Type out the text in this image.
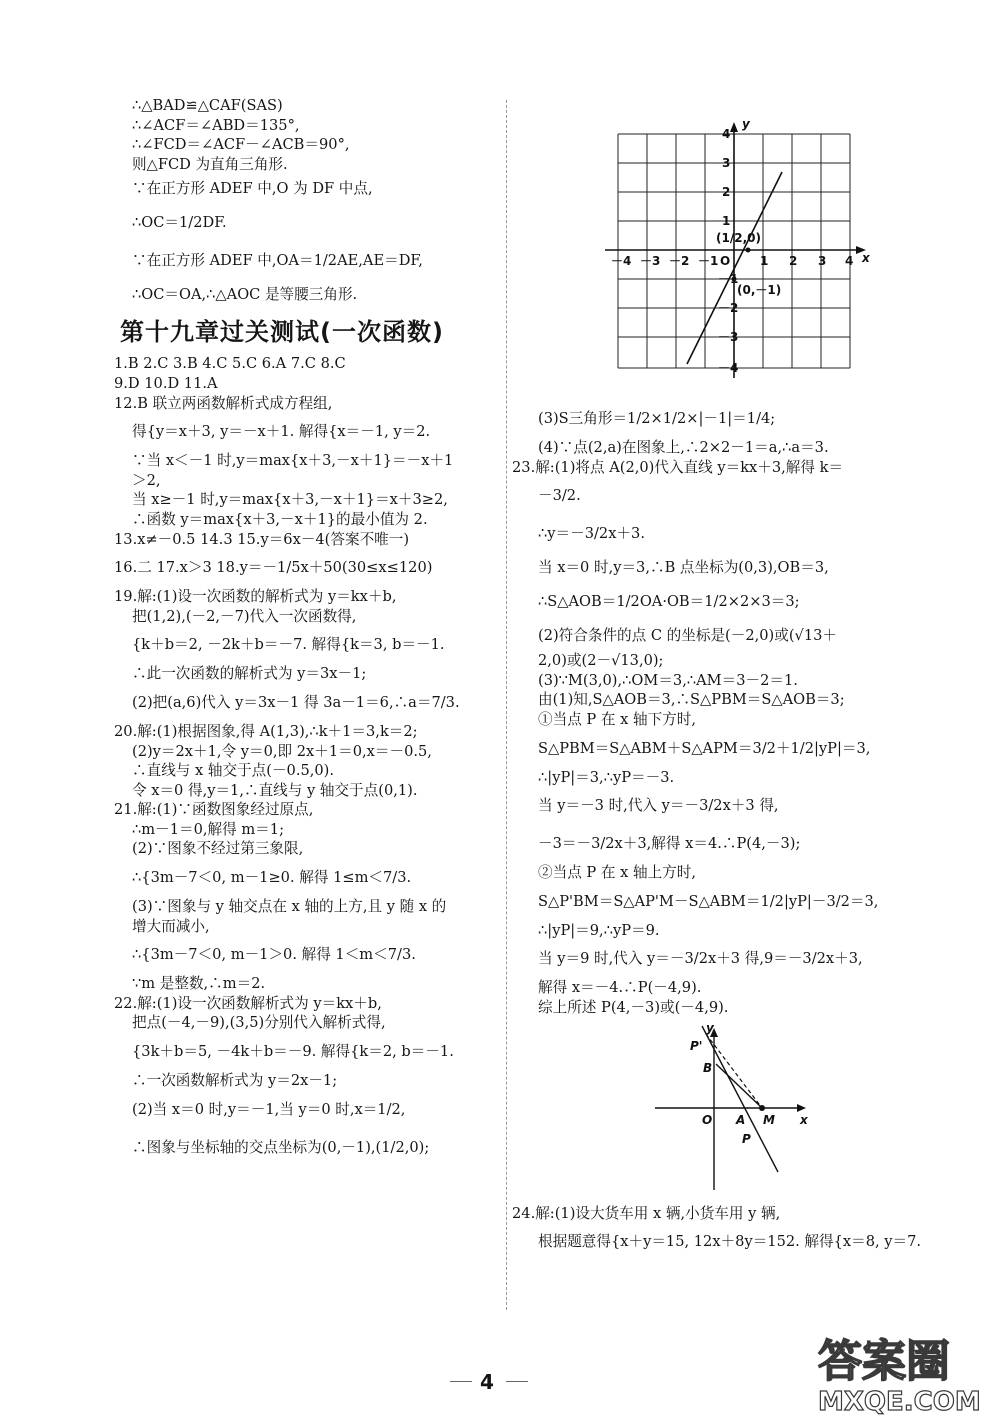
∴△BAD≌△CAF(SAS)
∴∠ACF＝∠ABD＝135°,
∴∠FCD＝∠ACF－∠ACB＝90°,
则△FCD 为直角三角形.
∵在正方形 ADEF 中,O 为 DF 中点,
∴OC＝1/2DF.
∵在正方形 ADEF 中,OA＝1/2AE,AE＝DF,
∴OC＝OA,∴△AOC 是等腰三角形.
第十九章过关测试(一次函数)
1.B 2.C 3.B 4.C 5.C 6.A 7.C 8.C
9.D 10.D 11.A
12.B 联立两函数解析式成方程组,
得{y＝x＋3, y＝－x＋1. 解得{x＝－1, y＝2.
∵当 x＜－1 时,y＝max{x＋3,－x＋1}＝－x＋1
＞2,
当 x≥－1 时,y＝max{x＋3,－x＋1}＝x＋3≥2,
∴函数 y＝max{x＋3,－x＋1}的最小值为 2.
13.x≠－0.5 14.3 15.y＝6x－4(答案不唯一)
16.二 17.x＞3 18.y＝－1/5x＋50(30≤x≤120)
19.解:(1)设一次函数的解析式为 y＝kx＋b,
把(1,2),(－2,－7)代入一次函数得,
{k＋b＝2, －2k＋b＝－7. 解得{k＝3, b＝－1.
∴此一次函数的解析式为 y＝3x－1;
(2)把(a,6)代入 y＝3x－1 得 3a－1＝6,∴a＝7/3.
20.解:(1)根据图象,得 A(1,3),∴k＋1＝3,k＝2;
(2)y＝2x＋1,令 y＝0,即 2x＋1＝0,x＝－0.5,
∴直线与 x 轴交于点(－0.5,0).
令 x＝0 得,y＝1,∴直线与 y 轴交于点(0,1).
21.解:(1)∵函数图象经过原点,
∴m－1＝0,解得 m＝1;
(2)∵图象不经过第三象限,
∴{3m－7＜0, m－1≥0. 解得 1≤m＜7/3.
(3)∵图象与 y 轴交点在 x 轴的上方,且 y 随 x 的
增大而减小,
∴{3m－7＜0, m－1＞0. 解得 1＜m＜7/3.
∵m 是整数,∴m＝2.
22.解:(1)设一次函数解析式为 y＝kx＋b,
把点(－4,－9),(3,5)分别代入解析式得,
{3k＋b＝5, －4k＋b＝－9. 解得{k＝2, b＝－1.
∴一次函数解析式为 y＝2x－1;
(2)当 x＝0 时,y＝－1,当 y＝0 时,x＝1/2,
∴图象与坐标轴的交点坐标为(0,－1),(1/2,0);
－4 －3 －2 －1 O 1 2 3 4
4
3
2
1
－1
－2
－3
－4
x
y
(1/2,0)
(0,－1)
(3)S三角形＝1/2×1/2×|－1|＝1/4;
(4)∵点(2,a)在图象上,∴2×2－1＝a,∴a＝3.
23.解:(1)将点 A(2,0)代入直线 y＝kx＋3,解得 k＝
－3/2.
∴y＝－3/2x＋3.
当 x＝0 时,y＝3,∴B 点坐标为(0,3),OB＝3,
∴S△AOB＝1/2OA·OB＝1/2×2×3＝3;
(2)符合条件的点 C 的坐标是(－2,0)或(√13＋
2,0)或(2－√13,0);
(3)∵M(3,0),∴OM＝3,∴AM＝3－2＝1.
由(1)知,S△AOB＝3,∴S△PBM＝S△AOB＝3;
①当点 P 在 x 轴下方时,
S△PBM＝S△ABM＋S△APM＝3/2＋1/2|yP|＝3,
∴|yP|＝3,∴yP＝－3.
当 y＝－3 时,代入 y＝－3/2x＋3 得,
－3＝－3/2x＋3,解得 x＝4.∴P(4,－3);
②当点 P 在 x 轴上方时,
S△P'BM＝S△AP'M－S△ABM＝1/2|yP|－3/2＝3,
∴|yP|＝9,∴yP＝9.
当 y＝9 时,代入 y＝－3/2x＋3 得,9＝－3/2x＋3,
解得 x＝－4.∴P(－4,9).
综上所述 P(4,－3)或(－4,9).
y
P'
B
O A M x
P
24.解:(1)设大货车用 x 辆,小货车用 y 辆,
根据题意得{x＋y＝15, 12x＋8y＝152. 解得{x＝8, y＝7.
4	答案圈
MXQE.COM
